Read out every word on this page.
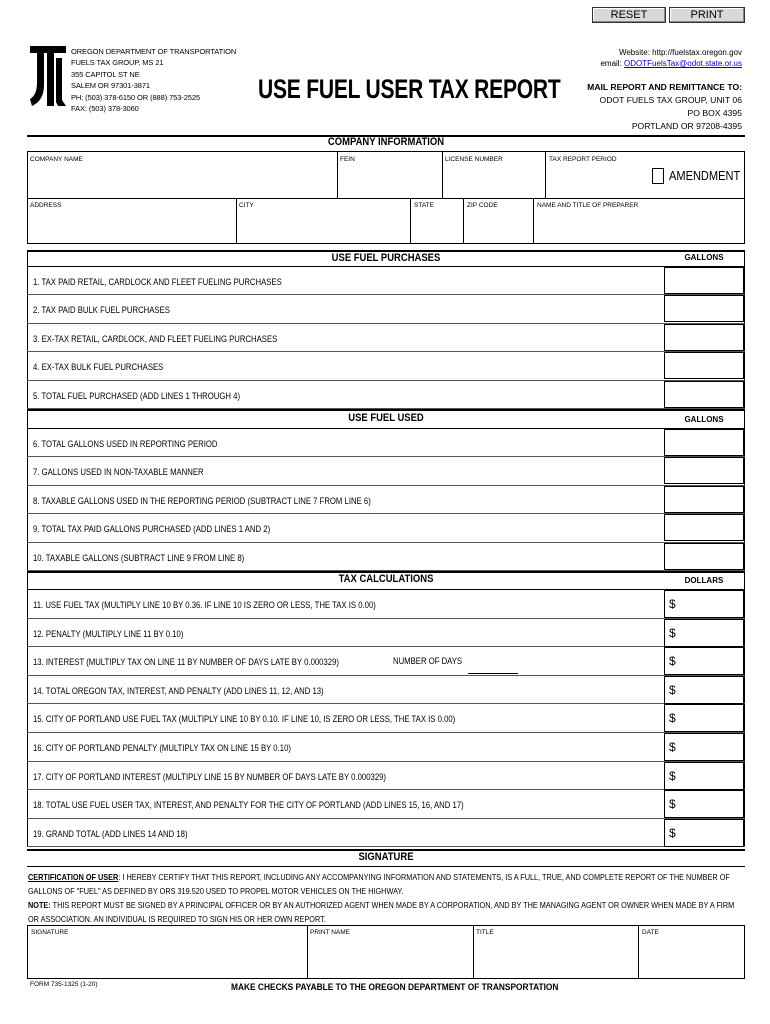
RESET	PRINT
OREGON DEPARTMENT OF TRANSPORTATION
FUELS TAX GROUP, MS 21
355 CAPITOL ST NE
SALEM OR 97301-3871
PH: (503) 378-6150 OR (888) 753-2525
FAX: (503) 378-3060
USE FUEL USER TAX REPORT
Website: http://fuelstax.oregon.gov
email: ODOTFuelsTax@odot.state.or.us
MAIL REPORT AND REMITTANCE TO:
ODOT FUELS TAX GROUP, UNIT 06
PO BOX 4395
PORTLAND OR 97208-4395
COMPANY INFORMATION
COMPANY NAME	FEIN	LICENSE NUMBER	TAX REPORT PERIOD
AMENDMENT
ADDRESS	CITY	STATE	ZIP CODE	NAME AND TITLE OF PREPARER
USE FUEL PURCHASES	GALLONS
USE FUEL USED	GALLONS
TAX CALCULATIONS	DOLLARS
1. TAX PAID RETAIL, CARDLOCK AND FLEET FUELING PURCHASES
2. TAX PAID BULK FUEL PURCHASES
3. EX-TAX RETAIL, CARDLOCK, AND FLEET FUELING PURCHASES
4. EX-TAX BULK FUEL PURCHASES
5. TOTAL FUEL PURCHASED (ADD LINES 1 THROUGH 4)
6. TOTAL GALLONS USED IN REPORTING PERIOD
7. GALLONS USED IN NON-TAXABLE MANNER
8. TAXABLE GALLONS USED IN THE REPORTING PERIOD (SUBTRACT LINE 7 FROM LINE 6)
9. TOTAL TAX PAID GALLONS PURCHASED (ADD LINES 1 AND 2)
10. TAXABLE GALLONS (SUBTRACT LINE 9 FROM LINE 8)
11. USE FUEL TAX (MULTIPLY LINE 10 BY 0.36. IF LINE 10 IS ZERO OR LESS, THE TAX IS 0.00)	$
12. PENALTY (MULTIPLY LINE 11 BY 0.10)	$
13. INTEREST (MULTIPLY TAX ON LINE 11 BY NUMBER OF DAYS LATE BY 0.000329)	$
14. TOTAL OREGON TAX, INTEREST, AND PENALTY (ADD LINES 11, 12, AND 13)	$
15. CITY OF PORTLAND USE FUEL TAX (MULTIPLY LINE 10 BY 0.10. IF LINE 10, IS ZERO OR LESS, THE TAX IS 0.00)	$
16. CITY OF PORTLAND PENALTY (MULTIPLY TAX ON LINE 15 BY 0.10)	$
17. CITY OF PORTLAND INTEREST (MULTIPLY LINE 15 BY NUMBER OF DAYS LATE BY 0.000329)	$
18. TOTAL USE FUEL USER TAX, INTEREST, AND PENALTY FOR THE CITY OF PORTLAND (ADD LINES 15, 16, AND 17)	$
19. GRAND TOTAL (ADD LINES 14 AND 18)	$
NUMBER OF DAYS
SIGNATURE
CERTIFICATION OF USER: I HEREBY CERTIFY THAT THIS REPORT, INCLUDING ANY ACCOMPANYING INFORMATION AND STATEMENTS, IS A FULL, TRUE, AND COMPLETE REPORT OF THE NUMBER OF GALLONS OF "FUEL" AS DEFINED BY ORS 319.520 USED TO PROPEL MOTOR VEHICLES ON THE HIGHWAY.
NOTE: THIS REPORT MUST BE SIGNED BY A PRINCIPAL OFFICER OR BY AN AUTHORIZED AGENT WHEN MADE BY A CORPORATION, AND BY THE MANAGING AGENT OR OWNER WHEN MADE BY A FIRM OR ASSOCIATION. AN INDIVIDUAL IS REQUIRED TO SIGN HIS OR HER OWN REPORT.
SIGNATURE	PRINT NAME	TITLE	DATE
FORM 735-1325 (1-20)	MAKE CHECKS PAYABLE TO THE OREGON DEPARTMENT OF TRANSPORTATION
